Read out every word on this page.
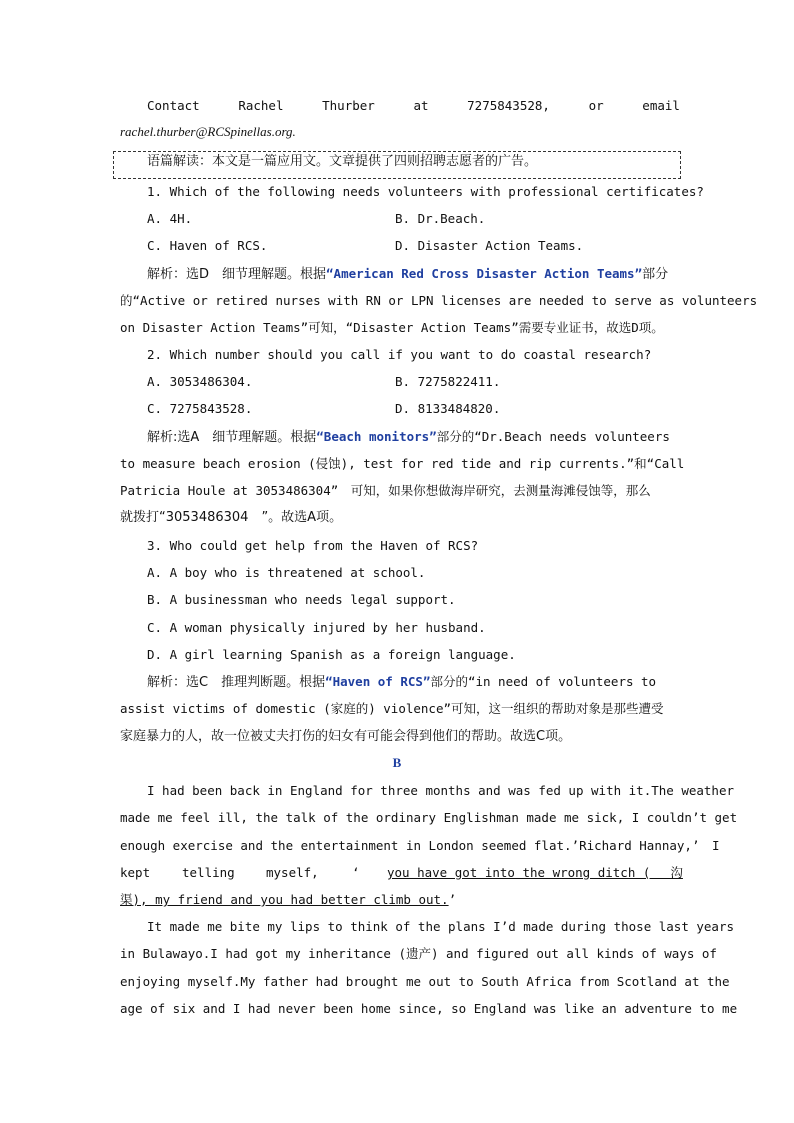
Contact	Rachel	Thurber	at	7275843528,	or	email
rachel.thurber@RCSpinellas.org.
语篇解读：本文是一篇应用文。文章提供了四则招聘志愿者的广告。
1. Which of the following needs volunteers with professional certificates?
A. 4H.	B. Dr.Beach.
C. Haven of RCS.	D. Disaster Action Teams.
解析：选D　细节理解题。根据“American Red Cross Disaster Action Teams”部分
的“Active or retired nurses with RN or LPN licenses are needed to serve as volunteers
on Disaster Action Teams”可知，“Disaster Action Teams”需要专业证书，故选D项。
2. Which number should you call if you want to do coastal research?
A. 3053486304.	B. 7275822411.
C. 7275843528.	D. 8133484820.
解析:选A　细节理解题。根据“Beach monitors”部分的“Dr.Beach needs volunteers
to measure beach erosion (侵蚀), test for red tide and rip currents.”和“Call
Patricia Houle at 3053486304”　可知，如果你想做海岸研究，去测量海滩侵蚀等，那么
就拨打“3053486304　”。故选A项。
3. Who could get help from the Haven of RCS?
A. A boy who is threatened at school.
B. A businessman who needs legal support.
C. A woman physically injured by her husband.
D. A girl learning Spanish as a foreign language.
解析：选C　推理判断题。根据“Haven of RCS”部分的“in need of volunteers to
assist victims of domestic (家庭的) violence”可知，这一组织的帮助对象是那些遭受
家庭暴力的人，故一位被丈夫打伤的妇女有可能会得到他们的帮助。故选C项。
B
I had been back in England for three months and was fed up with it.The weather
made me feel ill, the talk of the ordinary Englishman made me sick, I couldn’t get
enough exercise and the entertainment in London seemed flat.’Richard Hannay,’　I
kept	telling	myself,	‘ you have got into the wrong ditch (　 沟
渠), my friend and you had better climb out.’
It made me bite my lips to think of the plans I’d made during those last years
in Bulawayo.I had got my inheritance (遗产) and figured out all kinds of ways of
enjoying myself.My father had brought me out to South Africa from Scotland at the
age of six and I had never been home since, so England was like an adventure to me
